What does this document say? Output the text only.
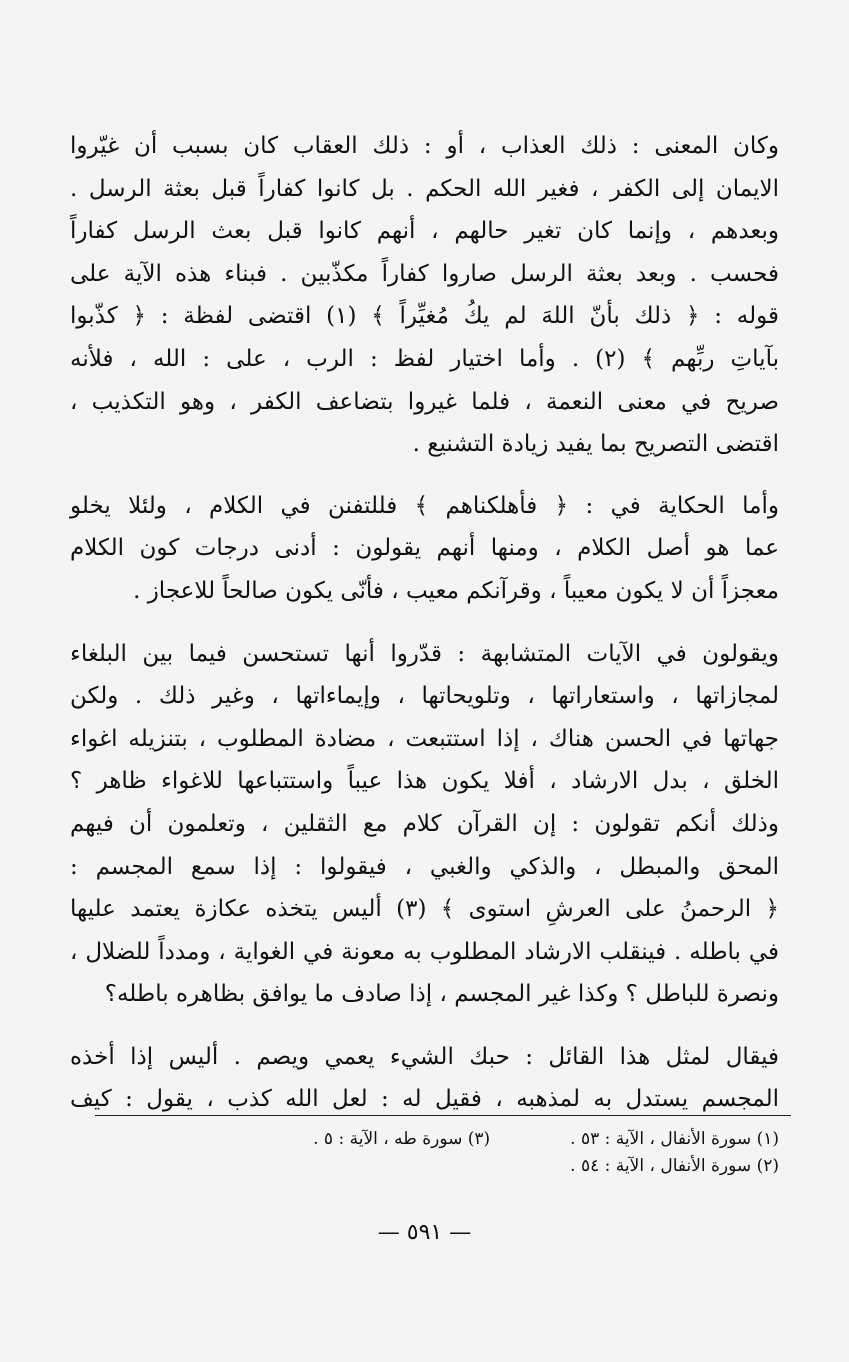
وكان المعنى : ذلك العذاب ، أو : ذلك العقاب كان بسبب أن غيّروا
الايمان إلى الكفر ، فغير الله الحكم . بل كانوا كفاراً قبل بعثة الرسل .
وبعدهم ، وإنما كان تغير حالهم ، أنهم كانوا قبل بعث الرسل كفاراً
فحسب . وبعد بعثة الرسل صاروا كفاراً مكذّبين . فبناء هذه الآية على
قوله : ﴿ ذلك بأنّ اللهَ لم يكُ مُغيِّراً ﴾ (١) اقتضى لفظة : ﴿ كذّبوا
بآياتِ ربِّهم ﴾ (٢) . وأما اختيار لفظ : الرب ، على : الله ، فلأنه
صريح في معنى النعمة ، فلما غيروا بتضاعف الكفر ، وهو التكذيب ،
اقتضى التصريح بما يفيد زيادة التشنيع .

وأما الحكاية في : ﴿ فأهلكناهم ﴾ فللتفنن في الكلام ، ولئلا يخلو
عما هو أصل الكلام ، ومنها أنهم يقولون : أدنى درجات كون الكلام
معجزاً أن لا يكون معيباً ، وقرآنكم معيب ، فأنّى يكون صالحاً للاعجاز .

ويقولون في الآيات المتشابهة : قدّروا أنها تستحسن فيما بين البلغاء
لمجازاتها ، واستعاراتها ، وتلويحاتها ، وإيماءاتها ، وغير ذلك . ولكن
جهاتها في الحسن هناك ، إذا استتبعت ، مضادة المطلوب ، بتنزيله اغواء
الخلق ، بدل الارشاد ، أفلا يكون هذا عيباً واستتباعها للاغواء ظاهر ؟
وذلك أنكم تقولون : إن القرآن كلام مع الثقلين ، وتعلمون أن فيهم
المحق والمبطل ، والذكي والغبي ، فيقولوا : إذا سمع المجسم :
﴿ الرحمنُ على العرشِ استوى ﴾ (٣) أليس يتخذه عكازة يعتمد عليها
في باطله . فينقلب الارشاد المطلوب به معونة في الغواية ، ومدداً للضلال ،
ونصرة للباطل ؟ وكذا غير المجسم ، إذا صادف ما يوافق بظاهره باطله؟

فيقال لمثل هذا القائل : حبك الشيء يعمي ويصم . أليس إذا أخذه
المجسم يستدل به لمذهبه ، فقيل له : لعل الله كذب ، يقول : كيف

(١) سورة الأنفال ، الآية : ٥٣ .
(٣) سورة طه ، الآية : ٥ .
(٢) سورة الأنفال ، الآية : ٥٤ .
— ٥٩١ —
